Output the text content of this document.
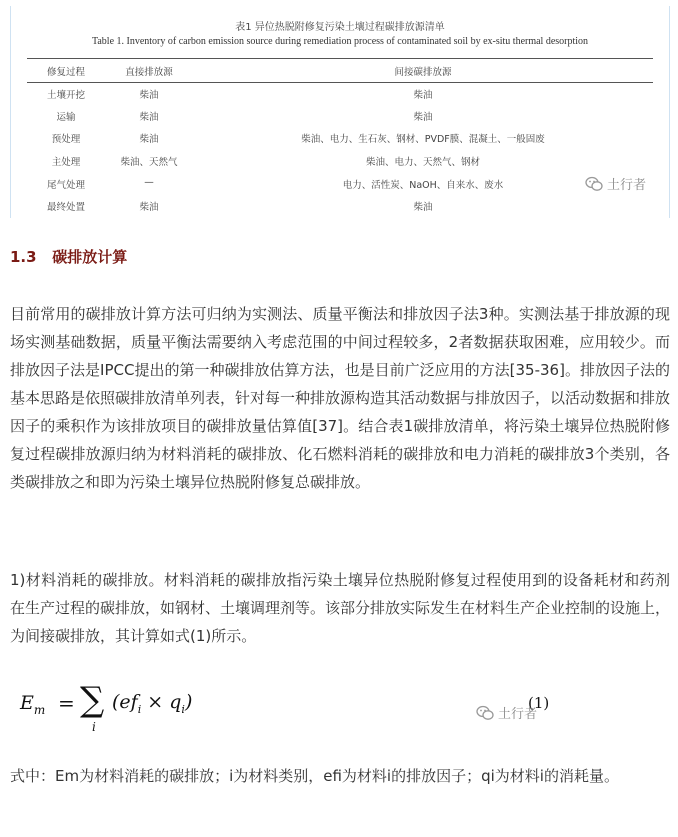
表1 异位热脱附修复污染土壤过程碳排放源清单
Table 1. Inventory of carbon emission source during remediation process of contaminated soil by ex-situ thermal desorption
修复过程	直接排放源	间接碳排放源
土壤开挖	柴油	柴油
运输	柴油	柴油
预处理	柴油	柴油、电力、生石灰、钢材、PVDF膜、混凝土、一般固废
主处理	柴油、天然气	柴油、电力、天然气、钢材
尾气处理	—	电力、活性炭、NaOH、自来水、废水
最终处置	柴油	柴油
土行者
1.3 碳排放计算

目前常用的碳排放计算方法可归纳为实测法、质量平衡法和排放因子法3种。实测法基于排放源的现场实测基础数据，质量平衡法需要纳入考虑范围的中间过程较多，2者数据获取困难，应用较少。而排放因子法是IPCC提出的第一种碳排放估算方法，也是目前广泛应用的方法[35-36]。排放因子法的基本思路是依照碳排放清单列表，针对每一种排放源构造其活动数据与排放因子，以活动数据和排放因子的乘积作为该排放项目的碳排放量估算值[37]。结合表1碳排放清单，将污染土壤异位热脱附修复过程碳排放源归纳为材料消耗的碳排放、化石燃料消耗的碳排放和电力消耗的碳排放3个类别，各类碳排放之和即为污染土壤异位热脱附修复总碳排放。

1)材料消耗的碳排放。材料消耗的碳排放指污染土壤异位热脱附修复过程使用到的设备耗材和药剂在生产过程的碳排放，如钢材、土壤调理剂等。该部分排放实际发生在材料生产企业控制的设施上，为间接碳排放，其计算如式(1)所示。

$E_m$ = ∑
i
$(ef_i \times q_i)$	(1)
土行者

式中：Em为材料消耗的碳排放；i为材料类别，efi为材料i的排放因子；qi为材料i的消耗量。
